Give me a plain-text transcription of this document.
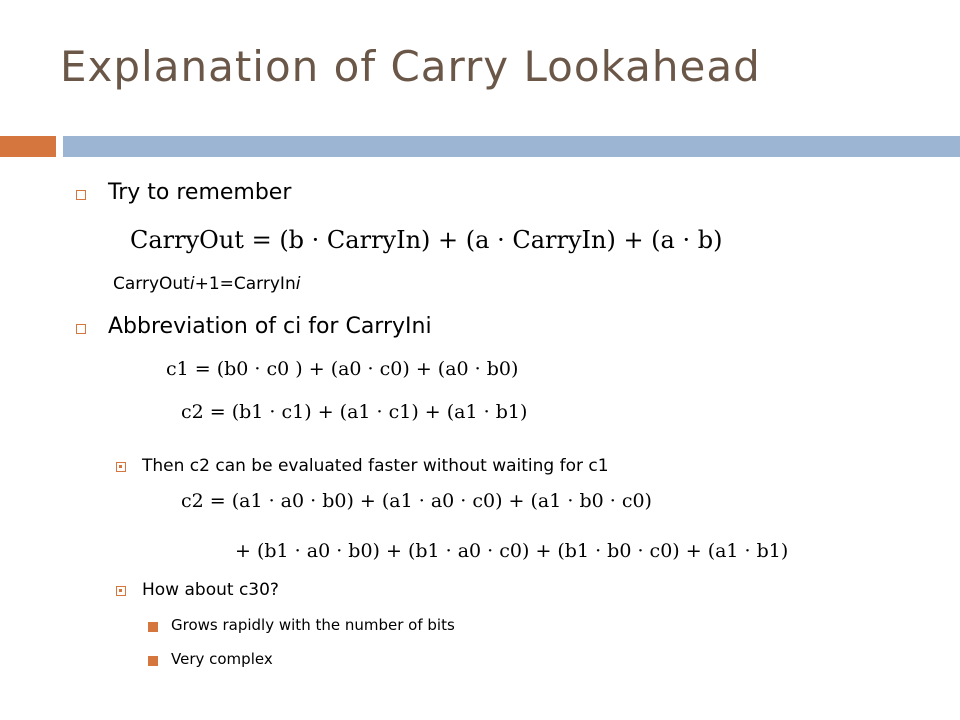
Explanation of Carry Lookahead
Try to remember
CarryOut = (b · CarryIn) + (a · CarryIn) + (a · b)
CarryOuti+1=CarryIni
Abbreviation of ci for CarryIni
c1 = (b0 · c0 ) + (a0 · c0) + (a0 · b0)
c2 = (b1 · c1) + (a1 · c1) + (a1 · b1)
Then c2 can be evaluated faster without waiting for c1
c2 = (a1 · a0 · b0) + (a1 · a0 · c0) + (a1 · b0 · c0)
+ (b1 · a0 · b0) + (b1 · a0 · c0) + (b1 · b0 · c0) + (a1 · b1)
How about c30?
Grows rapidly with the number of bits
Very complex
